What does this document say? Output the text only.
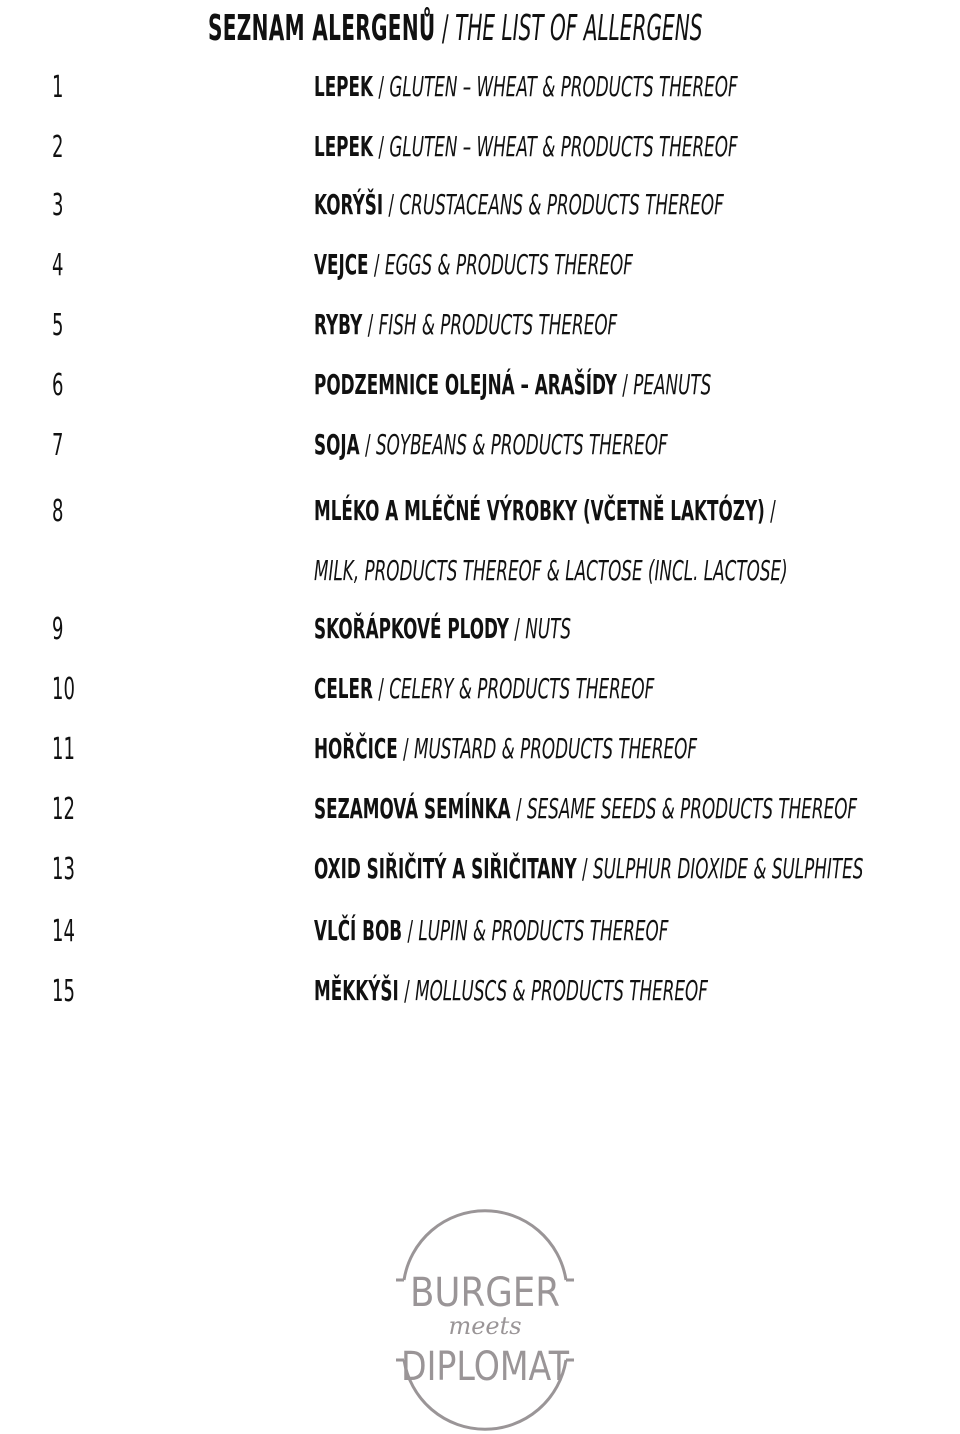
SEZNAM ALERGENŮ / THE LIST OF ALLERGENS
1	LEPEK / GLUTEN – WHEAT & PRODUCTS THEREOF
2	LEPEK / GLUTEN – WHEAT & PRODUCTS THEREOF
3	KORÝŠI / CRUSTACEANS & PRODUCTS THEREOF
4	VEJCE / EGGS & PRODUCTS THEREOF
5	RYBY / FISH & PRODUCTS THEREOF
6	PODZEMNICE OLEJNÁ – ARAŠÍDY / PEANUTS
7	SOJA / SOYBEANS & PRODUCTS THEREOF
8	MLÉKO A MLÉČNÉ VÝROBKY (VČETNĚ LAKTÓZY) /
MILK, PRODUCTS THEREOF & LACTOSE (INCL. LACTOSE)
9	SKOŘÁPKOVÉ PLODY / NUTS
10	CELER / CELERY & PRODUCTS THEREOF
11	HOŘČICE / MUSTARD & PRODUCTS THEREOF
12	SEZAMOVÁ SEMÍNKA / SESAME SEEDS & PRODUCTS THEREOF
13	OXID SIŘIČITÝ A SIŘIČITANY / SULPHUR DIOXIDE & SULPHITES
14	VLČÍ BOB / LUPIN & PRODUCTS THEREOF
15	MĚKKÝŠI / MOLLUSCS & PRODUCTS THEREOF
BURGER
meets
DIPLOMAT
